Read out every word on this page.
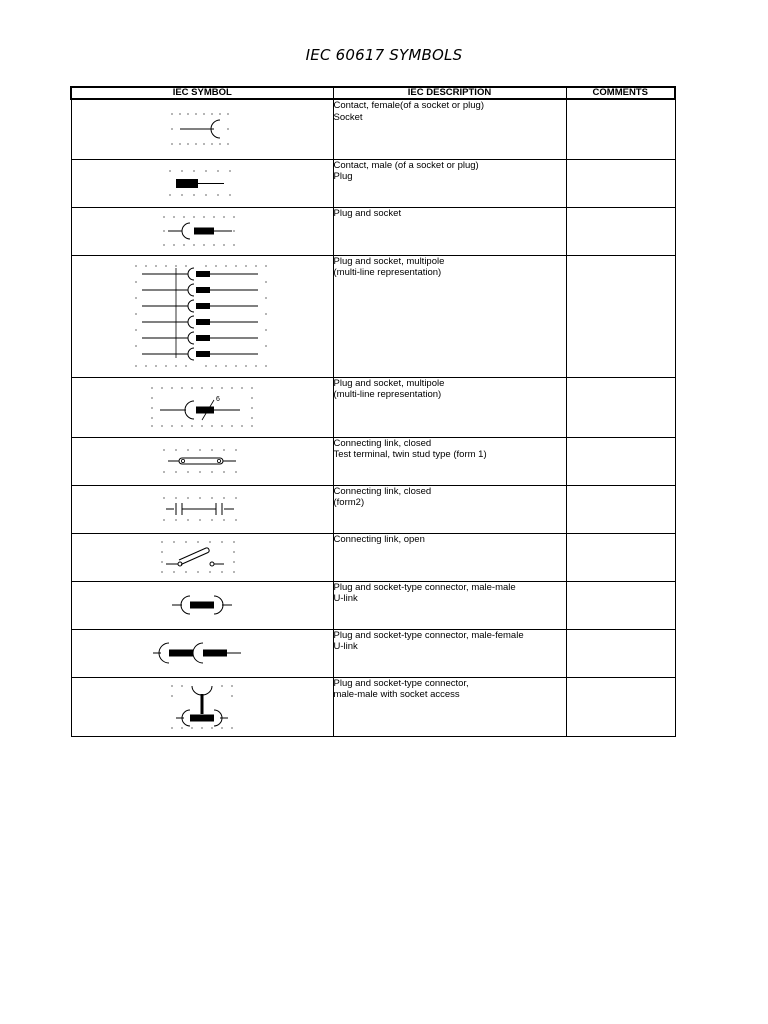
IEC 60617 SYMBOLS
IEC SYMBOL	IEC DESCRIPTION	COMMENTS

Contact, female(of a socket or plug)
Socket	

Contact, male (of a socket or plug)
Plug	

Plug and socket	

Plug and socket, multipole
(multi-line representation)	

6	Plug and socket, multipole
(multi-line representation)	

Connecting link, closed
Test terminal, twin stud type (form 1)	

Connecting link, closed
(form2)	

Connecting link, open	

Plug and socket-type connector, male-male
U-link	

Plug and socket-type connector, male-female
U-link	

Plug and socket-type connector,
male-male with socket access	
